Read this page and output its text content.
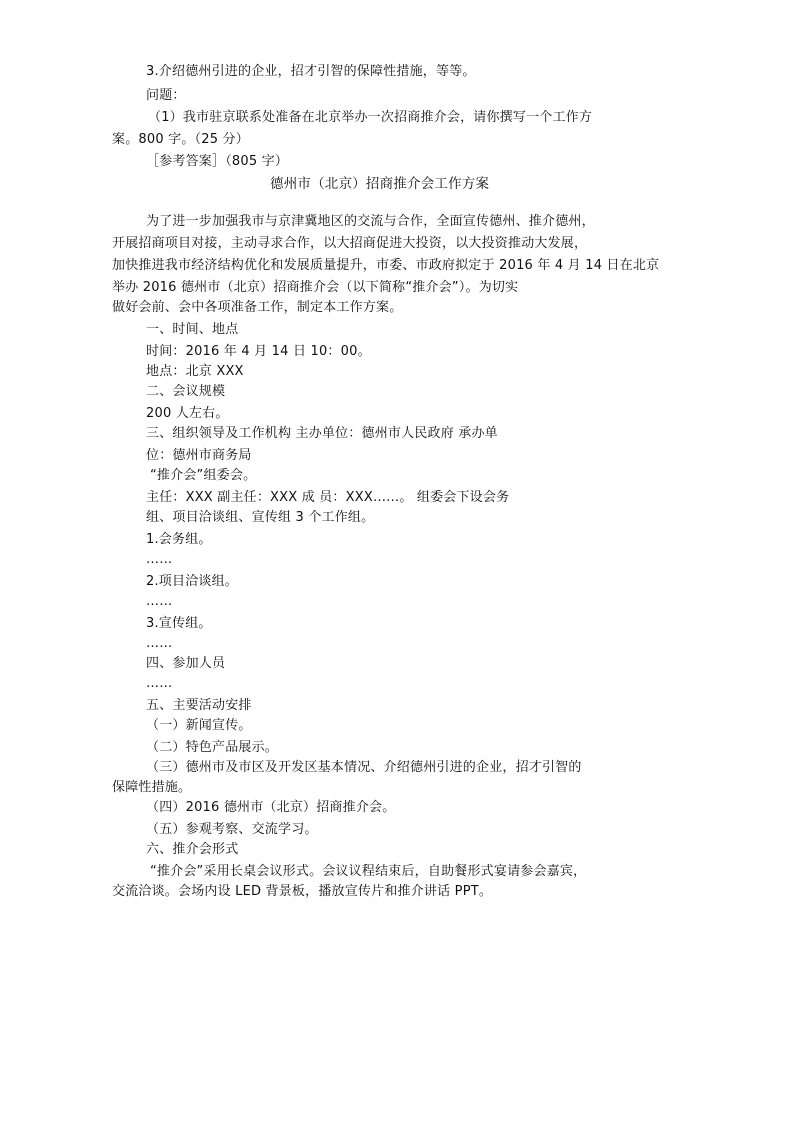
3.介绍德州引进的企业，招才引智的保障性措施，等等。
问题：
（1）我市驻京联系处准备在北京举办一次招商推介会，请你撰写一个工作方
案。800 字。（25 分）
［参考答案］（805 字）
德州市（北京）招商推介会工作方案
为了进一步加强我市与京津冀地区的交流与合作，全面宣传德州、推介德州，
开展招商项目对接，主动寻求合作，以大招商促进大投资，以大投资推动大发展，
加快推进我市经济结构优化和发展质量提升，市委、市政府拟定于 2016 年 4 月 14 日在北京
举办 2016 德州市（北京）招商推介会（以下简称“推介会”）。为切实
做好会前、会中各项准备工作，制定本工作方案。
一、时间、地点
时间：2016 年 4 月 14 日 10：00。
地点：北京 XXX
二、会议规模
200 人左右。
三、组织领导及工作机构 主办单位：德州市人民政府 承办单
位：德州市商务局
“推介会”组委会。
主任：XXX 副主任：XXX 成 员：XXX……。 组委会下设会务
组、项目洽谈组、宣传组 3 个工作组。
1.会务组。
……
2.项目洽谈组。
……
3.宣传组。
……
四、参加人员
……
五、主要活动安排
（一）新闻宣传。
（二）特色产品展示。
（三）德州市及市区及开发区基本情况、介绍德州引进的企业，招才引智的
保障性措施。
（四）2016 德州市（北京）招商推介会。
（五）参观考察、交流学习。
六、推介会形式
“推介会”采用长桌会议形式。会议议程结束后，自助餐形式宴请参会嘉宾，
交流洽谈。会场内设 LED 背景板，播放宣传片和推介讲话 PPT。
